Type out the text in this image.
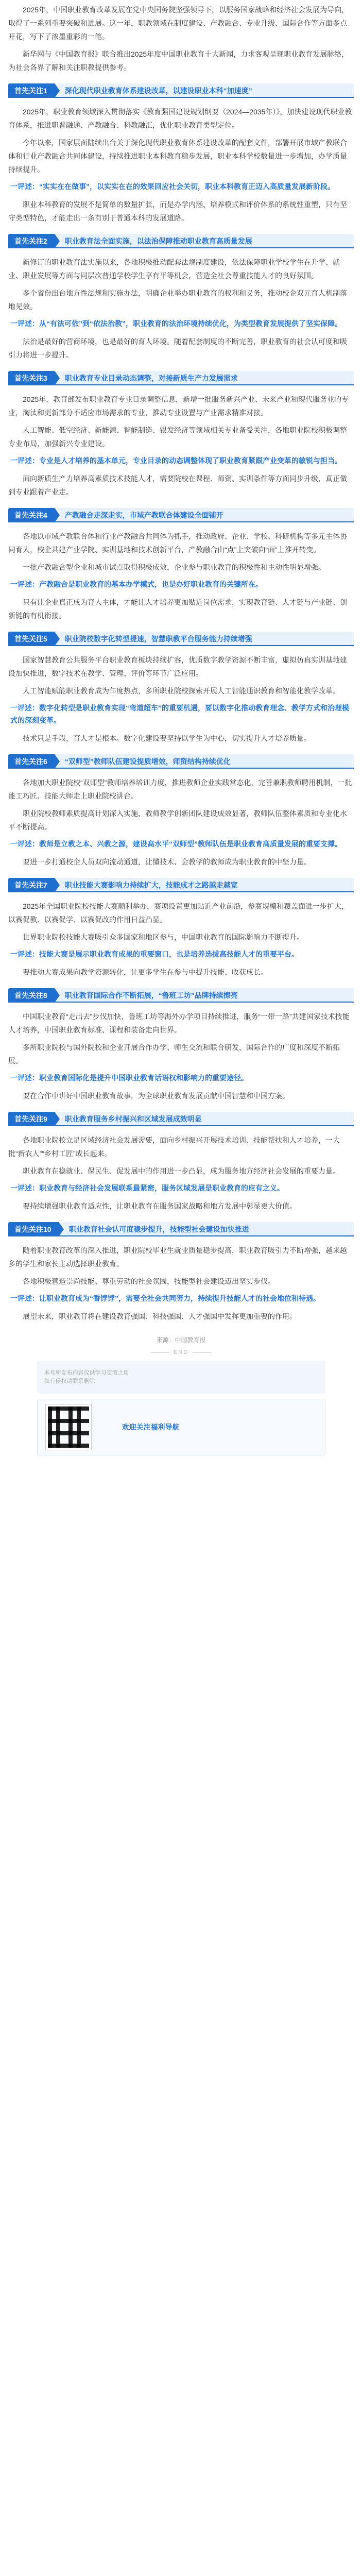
2025年，中国职业教育改革发展在党中央国务院坚强领导下，以服务国家战略和经济社会发展为导向，取得了一系列重要突破和进展。这一年，职教领域在制度建设、产教融合、专业升级、国际合作等方面多点开花，写下了浓墨重彩的一笔。

新华网与《中国教育报》联合推出2025年度中国职业教育十大新闻，力求客观呈现职业教育发展脉络，为社会各界了解和关注职教提供参考。

首先关注1	深化现代职业教育体系建设改革，以建设职业本科“加速度”

2025年，职业教育领域深入贯彻落实《教育强国建设规划纲要（2024—2035年）》，加快建设现代职业教育体系，推进职普融通、产教融合、科教融汇，优化职业教育类型定位。

今年以来，国家层面陆续出台关于深化现代职业教育体系建设改革的配套文件，部署开展市域产教联合体和行业产教融合共同体建设，持续推进职业本科教育稳步发展，职业本科学校数量进一步增加，办学质量持续提升。

一评述：“实实在在做事”，以实实在在的效果回应社会关切，职业本科教育正迈入高质量发展新阶段。

职业本科教育的发展不是简单的数量扩张，而是办学内涵、培养模式和评价体系的系统性重塑，只有坚守类型特色，才能走出一条有别于普通本科的发展道路。

首先关注2	职业教育法全面实施，以法治保障推动职业教育高质量发展

新修订的职业教育法实施以来，各地积极推动配套法规制度建设，依法保障职业学校学生在升学、就业、职业发展等方面与同层次普通学校学生享有平等机会，营造全社会尊重技能人才的良好氛围。

多个省份出台地方性法规和实施办法，明确企业举办职业教育的权利和义务，推动校企双元育人机制落地见效。

一评述：从“有法可依”到“依法治教”，职业教育的法治环境持续优化，为类型教育发展提供了坚实保障。

法治是最好的营商环境，也是最好的育人环境。随着配套制度的不断完善，职业教育的社会认可度和吸引力将进一步提升。

首先关注3	职业教育专业目录动态调整，对接新质生产力发展需求

2025年，教育部发布职业教育专业目录调整信息，新增一批服务新兴产业、未来产业和现代服务业的专业，淘汰和更新部分不适应市场需求的专业，推动专业设置与产业需求精准对接。

人工智能、低空经济、新能源、智能制造、银发经济等领域相关专业备受关注，各地职业院校积极调整专业布局，加强新兴专业建设。

一评述：专业是人才培养的基本单元，专业目录的动态调整体现了职业教育紧跟产业变革的敏锐与担当。

面向新质生产力培养高素质技术技能人才，需要院校在课程、师资、实训条件等方面同步升级，真正做到专业跟着产业走。

首先关注4	产教融合走深走实，市域产教联合体建设全面铺开

各地以市域产教联合体和行业产教融合共同体为抓手，推动政府、企业、学校、科研机构等多元主体协同育人，校企共建产业学院、实训基地和技术创新平台，产教融合由“点”上突破向“面”上推开转变。

一批产教融合型企业和城市试点取得积极成效，企业参与职业教育的积极性和主动性明显增强。

一评述：产教融合是职业教育的基本办学模式，也是办好职业教育的关键所在。

只有让企业真正成为育人主体，才能让人才培养更加贴近岗位需求，实现教育链、人才链与产业链、创新链的有机衔接。

首先关注5	职业院校数字化转型提速，智慧职教平台服务能力持续增强

国家智慧教育公共服务平台职业教育板块持续扩容，优质数字教学资源不断丰富，虚拟仿真实训基地建设加快推进，数字技术在教学、管理、评价等环节广泛应用。

人工智能赋能职业教育成为年度热点，多所职业院校探索开展人工智能通识教育和智能化教学改革。

一评述：数字化转型是职业教育实现“弯道超车”的重要机遇，要以数字化推动教育理念、教学方式和治理模式的深刻变革。

技术只是手段，育人才是根本。数字化建设要坚持以学生为中心，切实提升人才培养质量。

首先关注6	“双师型”教师队伍建设提质增效，师资结构持续优化

各地加大职业院校“双师型”教师培养培训力度，推进教师企业实践常态化，完善兼职教师聘用机制，一批能工巧匠、技能大师走上职业院校讲台。

职业院校教师素质提高计划深入实施，教师教学创新团队建设成效显著，教师队伍整体素质和专业化水平不断提高。

一评述：教师是立教之本、兴教之源，建设高水平“双师型”教师队伍是职业教育高质量发展的重要支撑。

要进一步打通校企人员双向流动通道，让懂技术、会教学的教师成为职业教育的中坚力量。

首先关注7	职业技能大赛影响力持续扩大，技能成才之路越走越宽

2025年全国职业院校技能大赛顺利举办，赛项设置更加贴近产业前沿，参赛规模和覆盖面进一步扩大，以赛促教、以赛促学、以赛促改的作用日益凸显。

世界职业院校技能大赛吸引众多国家和地区参与，中国职业教育的国际影响力不断提升。

一评述：技能大赛是展示职业教育成果的重要窗口，也是培养选拔高技能人才的重要平台。

要推动大赛成果向教学资源转化，让更多学生在参与中提升技能、收获成长。

首先关注8	职业教育国际合作不断拓展，“鲁班工坊”品牌持续擦亮

中国职业教育“走出去”步伐加快，鲁班工坊等海外办学项目持续推进，服务“一带一路”共建国家技术技能人才培养，中国职业教育标准、课程和装备走向世界。

多所职业院校与国外院校和企业开展合作办学、师生交流和联合研发，国际合作的广度和深度不断拓展。

一评述：职业教育国际化是提升中国职业教育话语权和影响力的重要途径。

要在合作中讲好中国职业教育故事，为全球职业教育发展贡献中国智慧和中国方案。

首先关注9	职业教育服务乡村振兴和区域发展成效明显

各地职业院校立足区域经济社会发展需要，面向乡村振兴开展技术培训、技能帮扶和人才培养，一大批“新农人”“乡村工匠”成长起来。

职业教育在稳就业、保民生、促发展中的作用进一步凸显，成为服务地方经济社会发展的重要力量。

一评述：职业教育与经济社会发展联系最紧密，服务区域发展是职业教育的应有之义。

要持续增强职业教育适应性，让职业教育在服务国家战略和地方发展中彰显更大价值。

首先关注10	职业教育社会认可度稳步提升，技能型社会建设加快推进

随着职业教育改革的深入推进，职业院校毕业生就业质量稳步提高，职业教育吸引力不断增强，越来越多的学生和家长主动选择职业教育。

各地积极营造崇尚技能、尊重劳动的社会氛围，技能型社会建设迈出坚实步伐。

一评述：让职业教育成为“香饽饽”，需要全社会共同努力，持续提升技能人才的社会地位和待遇。

展望未来，职业教育将在建设教育强国、科技强国、人才强国中发挥更加重要的作用。

来源：中国教育报
END
本号所发布内容仅供学习交流之用
如有侵权请联系删除
欢迎关注福利导航
